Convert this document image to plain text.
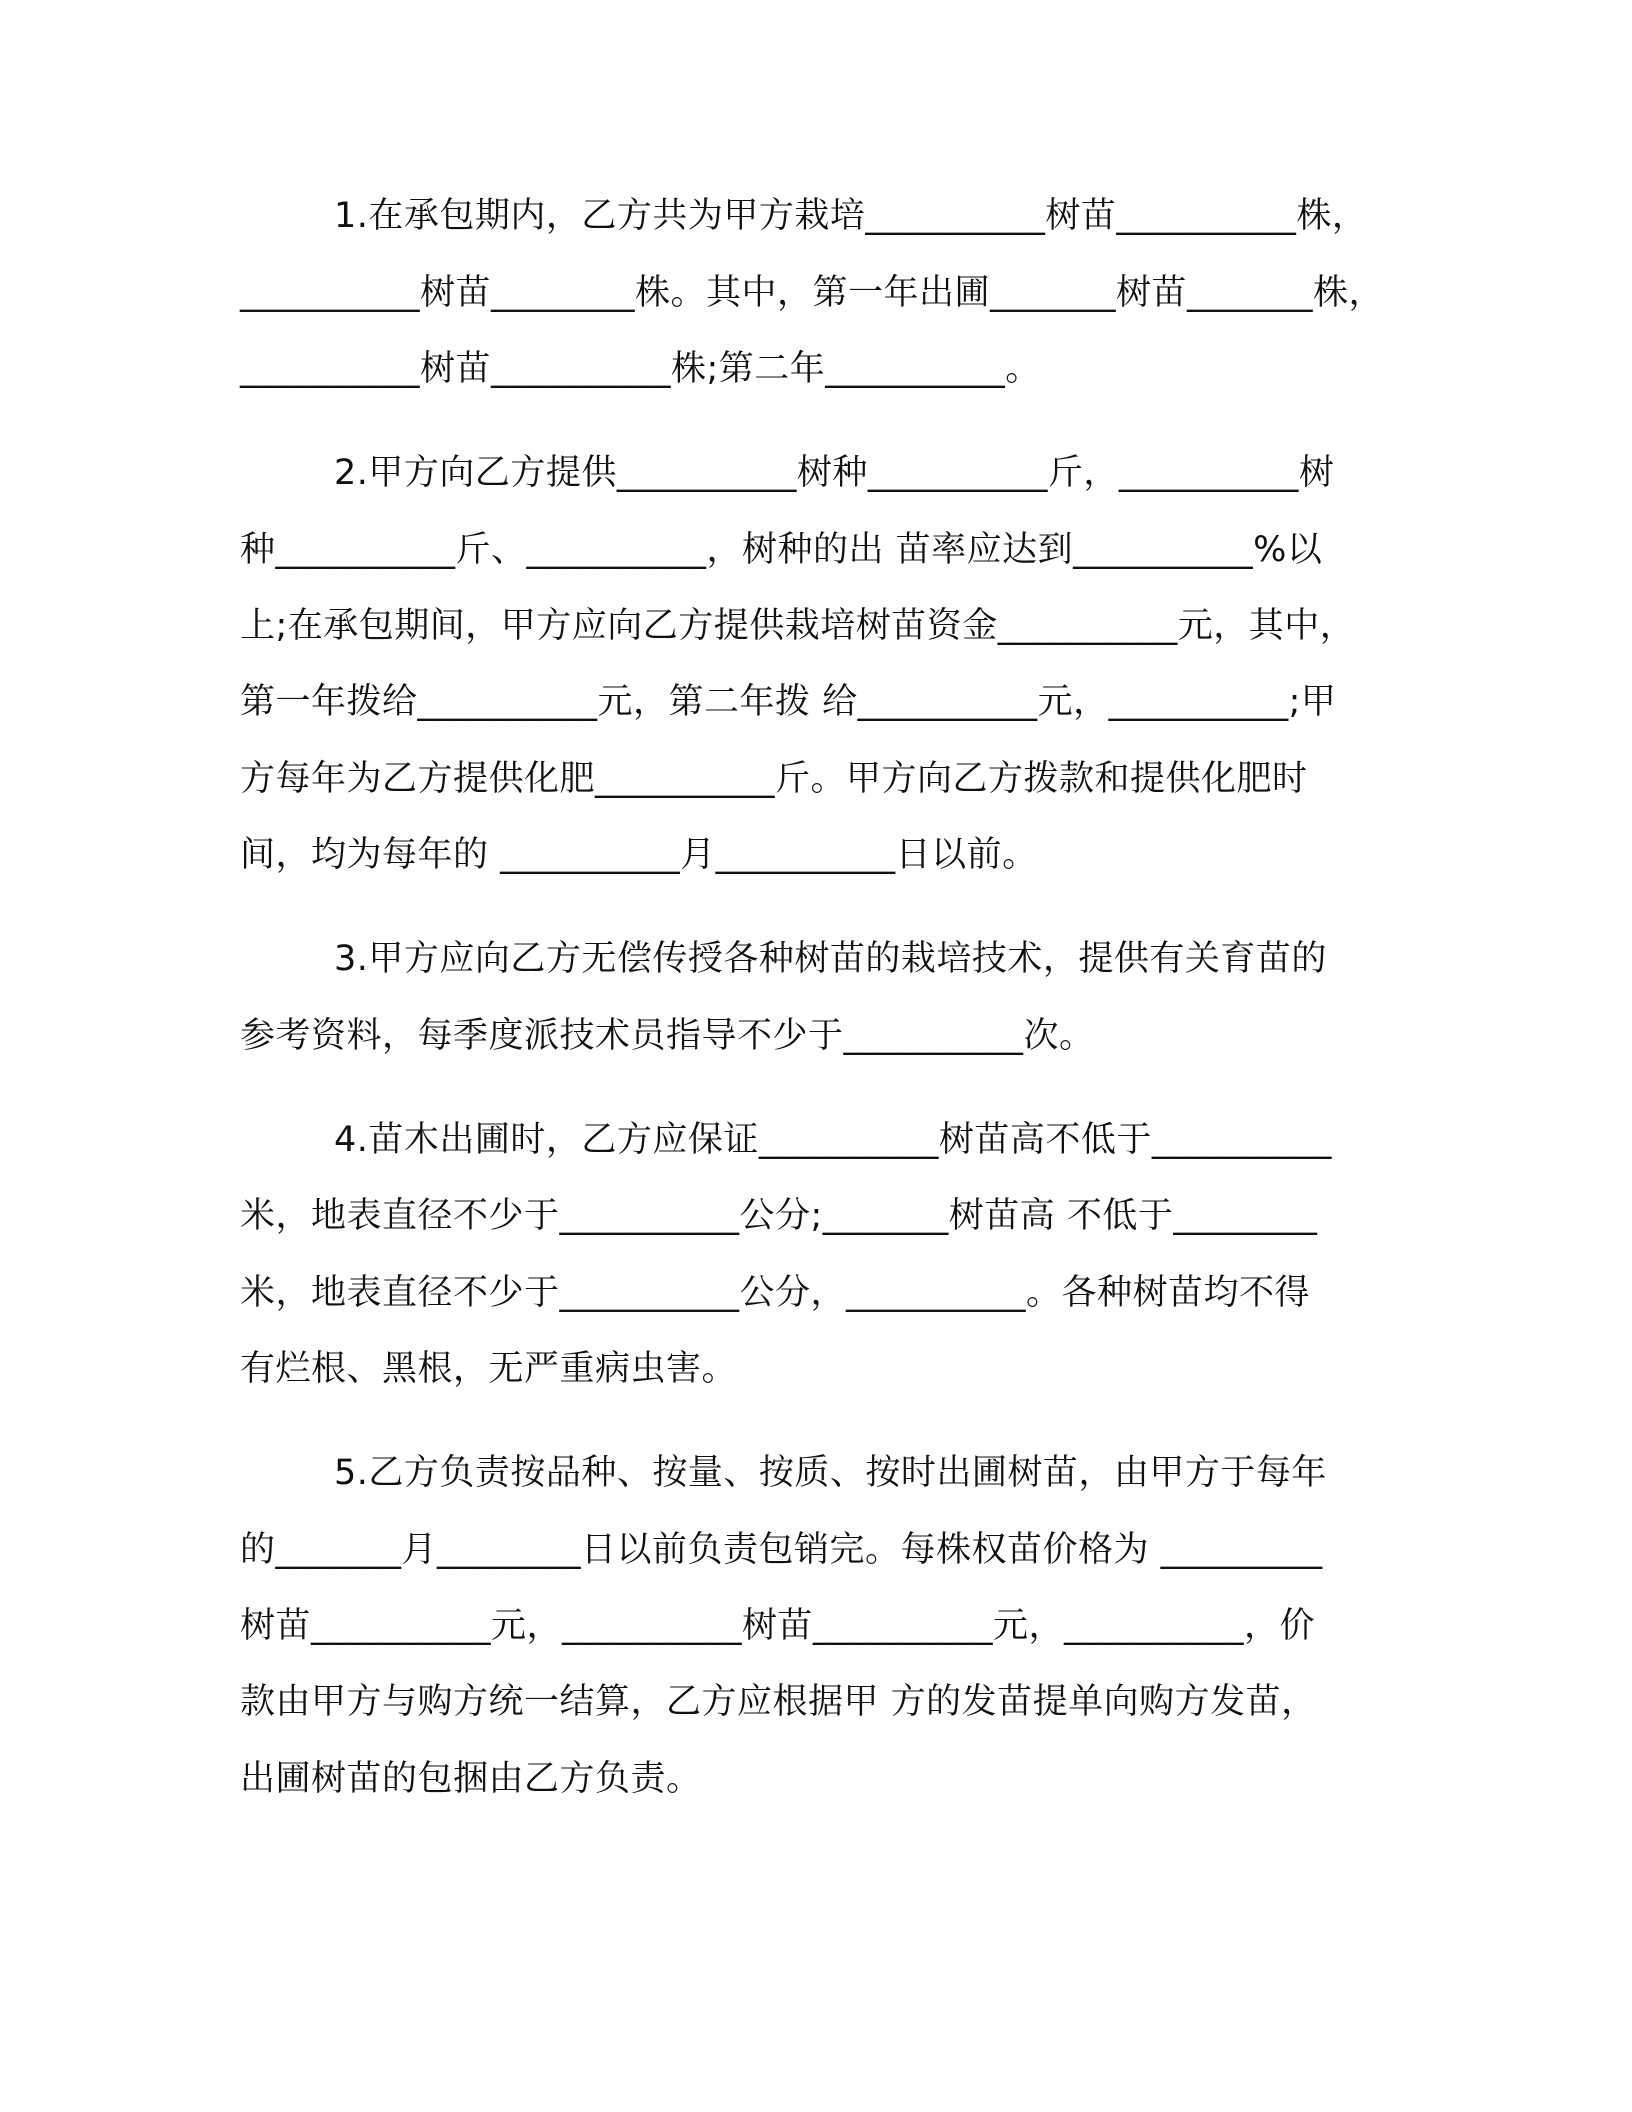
1.在承包期内，乙方共为甲方栽培__________树苗__________株，

__________树苗________株。其中，第一年出圃_______树苗_______株，

__________树苗__________株;第二年__________。

2.甲方向乙方提供__________树种__________斤，__________树

种__________斤、__________，树种的出 苗率应达到__________%以

上;在承包期间，甲方应向乙方提供栽培树苗资金__________元，其中，

第一年拨给__________元，第二年拨 给__________元，__________;甲

方每年为乙方提供化肥__________斤。甲方向乙方拨款和提供化肥时

间，均为每年的 __________月__________日以前。

3.甲方应向乙方无偿传授各种树苗的栽培技术，提供有关育苗的

参考资料，每季度派技术员指导不少于__________次。

4.苗木出圃时，乙方应保证__________树苗高不低于__________

米，地表直径不少于__________公分;_______树苗高 不低于________

米，地表直径不少于__________公分，__________。各种树苗均不得

有烂根、黑根，无严重病虫害。

5.乙方负责按品种、按量、按质、按时出圃树苗，由甲方于每年

的_______月________日以前负责包销完。每株权苗价格为 _________

树苗__________元，__________树苗__________元，__________，价

款由甲方与购方统一结算，乙方应根据甲 方的发苗提单向购方发苗，

出圃树苗的包捆由乙方负责。
